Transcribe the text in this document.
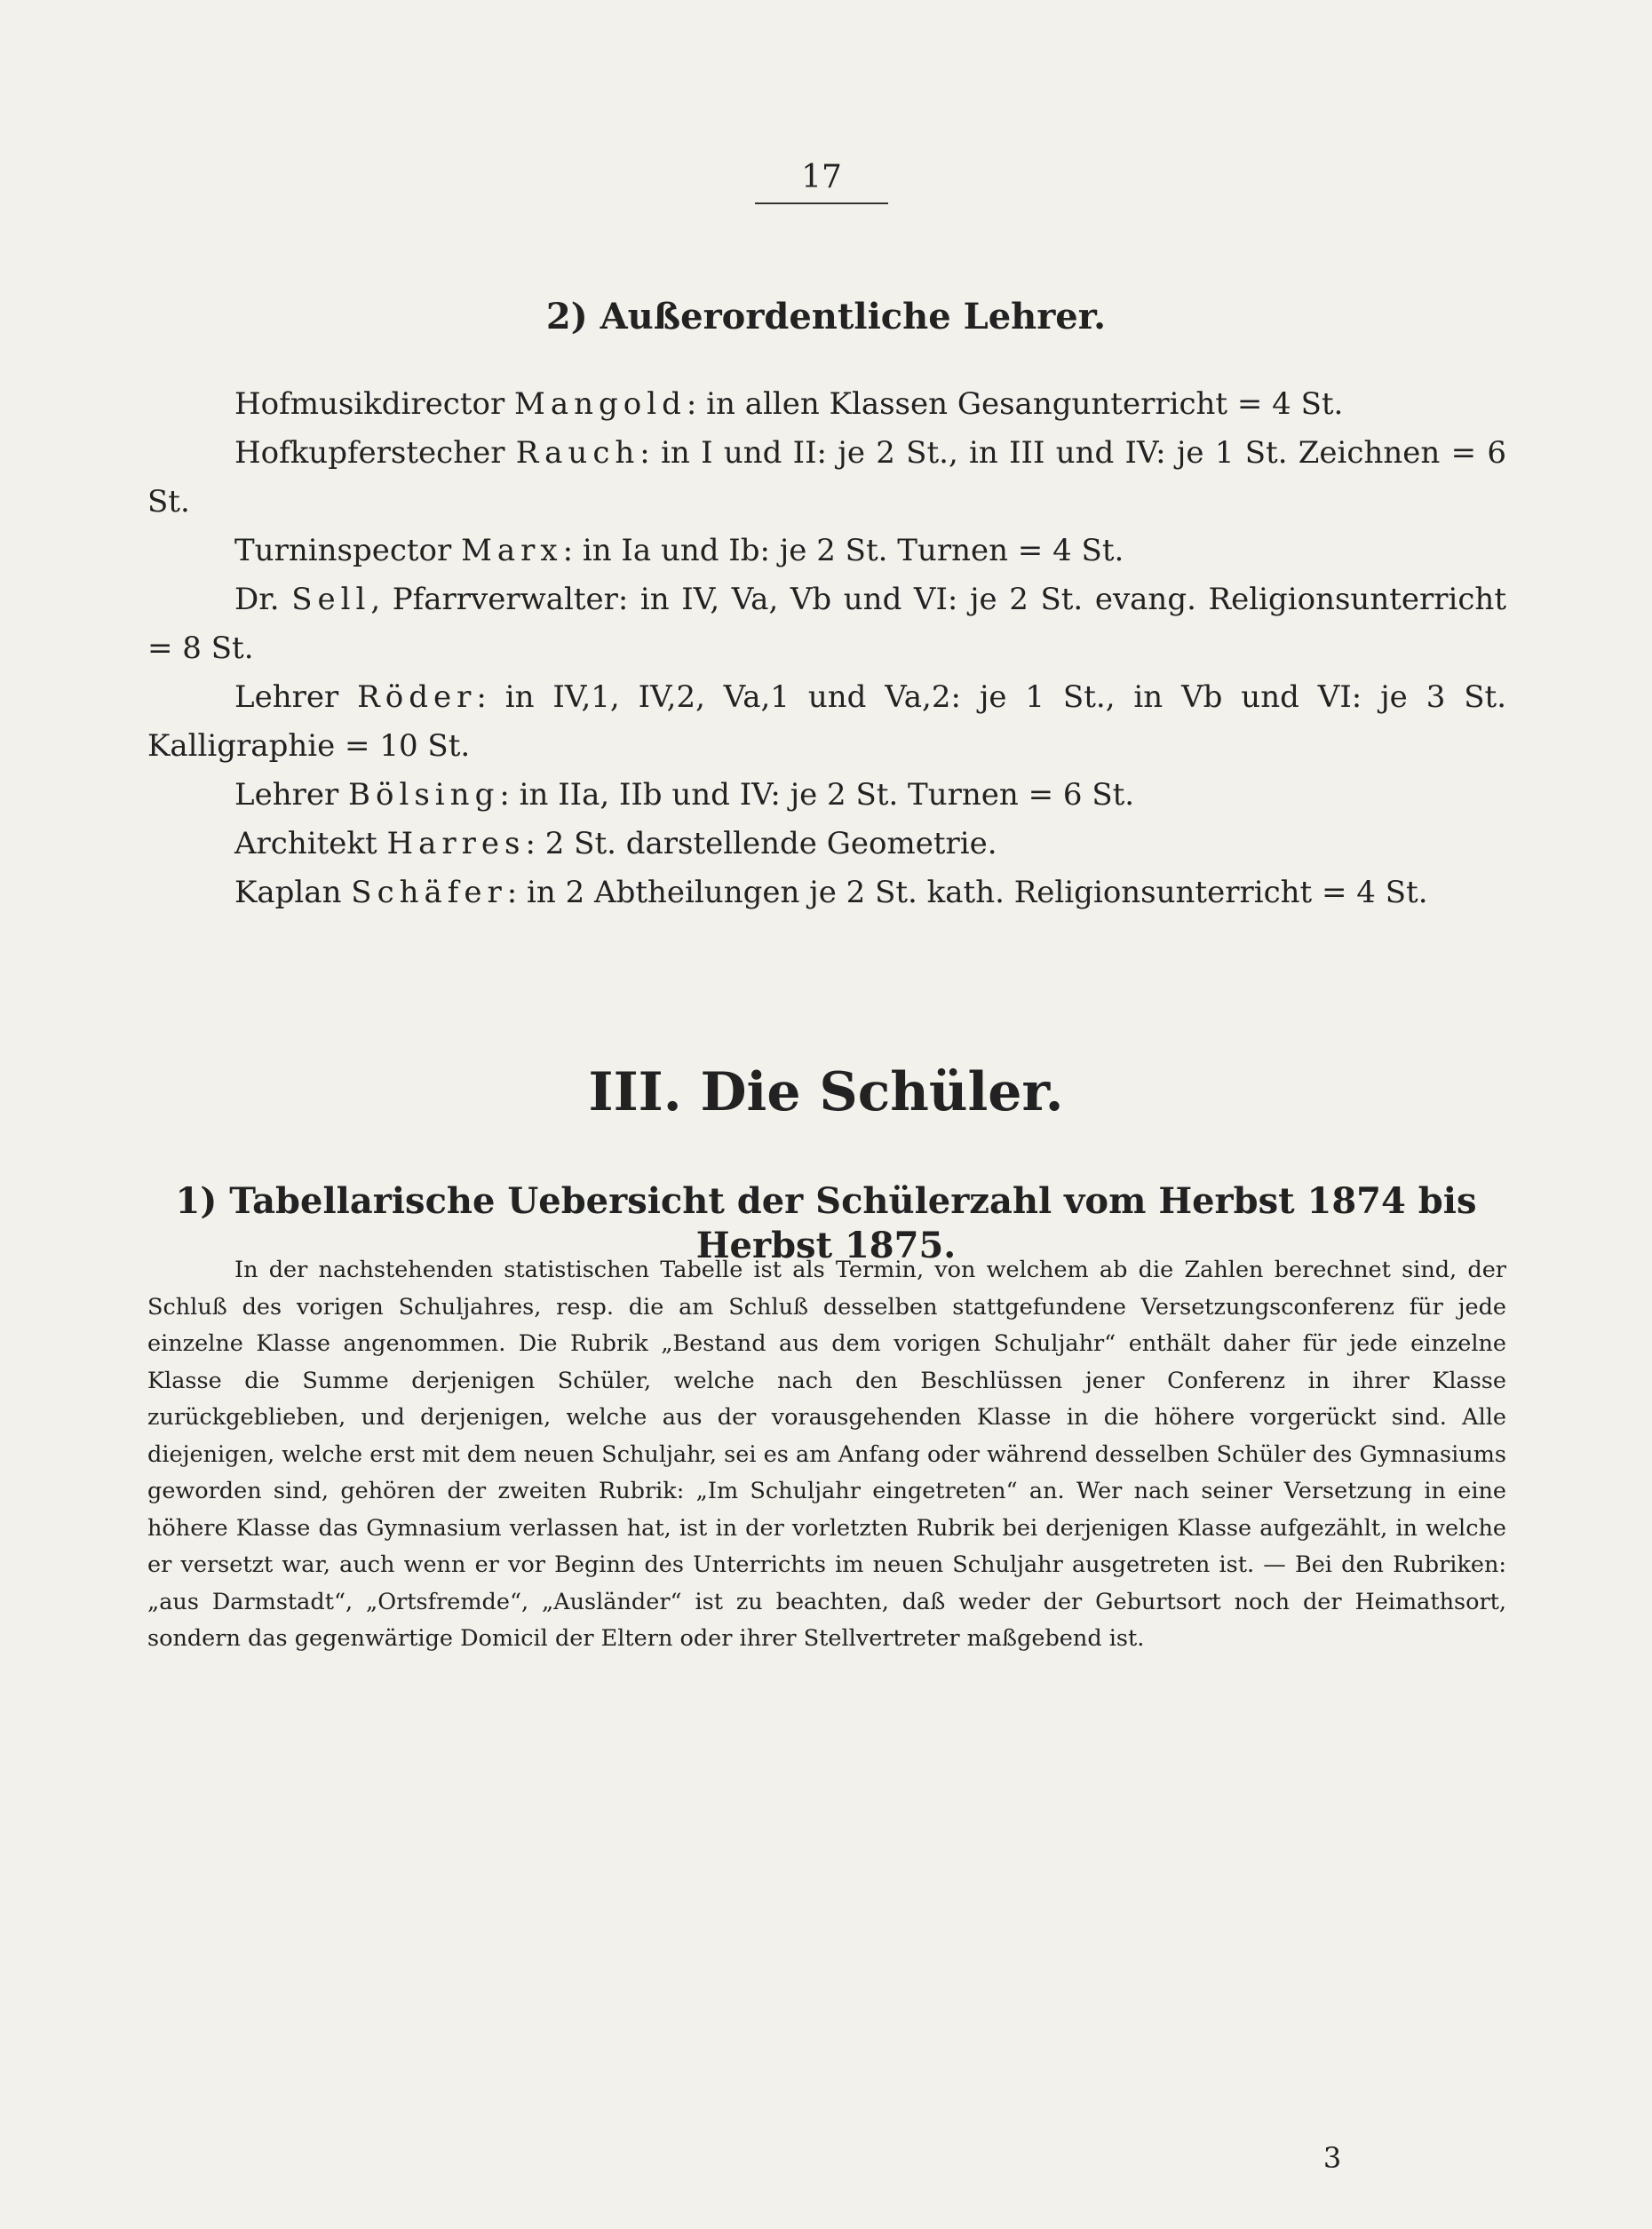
17
2) Außerordentliche Lehrer.

Hofmusikdirector Mangold: in allen Klassen Gesangunterricht = 4 St.

Hofkupferstecher Rauch: in I und II: je 2 St., in III und IV: je 1 St. Zeichnen = 6 St.

Turninspector Marx: in Ia und Ib: je 2 St. Turnen = 4 St.

Dr. Sell, Pfarrverwalter: in IV, Va, Vb und VI: je 2 St. evang. Religionsunterricht = 8 St.

Lehrer Röder: in IV,1, IV,2, Va,1 und Va,2: je 1 St., in Vb und VI: je 3 St. Kalligraphie = 10 St.

Lehrer Bölsing: in IIa, IIb und IV: je 2 St. Turnen = 6 St.

Architekt Harres: 2 St. darstellende Geometrie.

Kaplan Schäfer: in 2 Abtheilungen je 2 St. kath. Religionsunterricht = 4 St.

III. Die Schüler.
1) Tabellarische Uebersicht der Schülerzahl vom Herbst 1874 bis Herbst 1875.

In der nachstehenden statistischen Tabelle ist als Termin, von welchem ab die Zahlen berechnet sind, der Schluß des vorigen Schuljahres, resp. die am Schluß desselben stattgefundene Versetzungsconferenz für jede einzelne Klasse angenommen. Die Rubrik „Bestand aus dem vorigen Schuljahr“ enthält daher für jede einzelne Klasse die Summe derjenigen Schüler, welche nach den Beschlüssen jener Conferenz in ihrer Klasse zurückgeblieben, und derjenigen, welche aus der vorausgehenden Klasse in die höhere vorgerückt sind. Alle diejenigen, welche erst mit dem neuen Schuljahr, sei es am Anfang oder während desselben Schüler des Gymnasiums geworden sind, gehören der zweiten Rubrik: „Im Schuljahr eingetreten“ an. Wer nach seiner Versetzung in eine höhere Klasse das Gymnasium verlassen hat, ist in der vorletzten Rubrik bei derjenigen Klasse aufgezählt, in welche er versetzt war, auch wenn er vor Beginn des Unterrichts im neuen Schuljahr ausgetreten ist. — Bei den Rubriken: „aus Darmstadt“, „Ortsfremde“, „Ausländer“ ist zu beachten, daß weder der Geburtsort noch der Heimathsort, sondern das gegenwärtige Domicil der Eltern oder ihrer Stellvertreter maßgebend ist.

3
